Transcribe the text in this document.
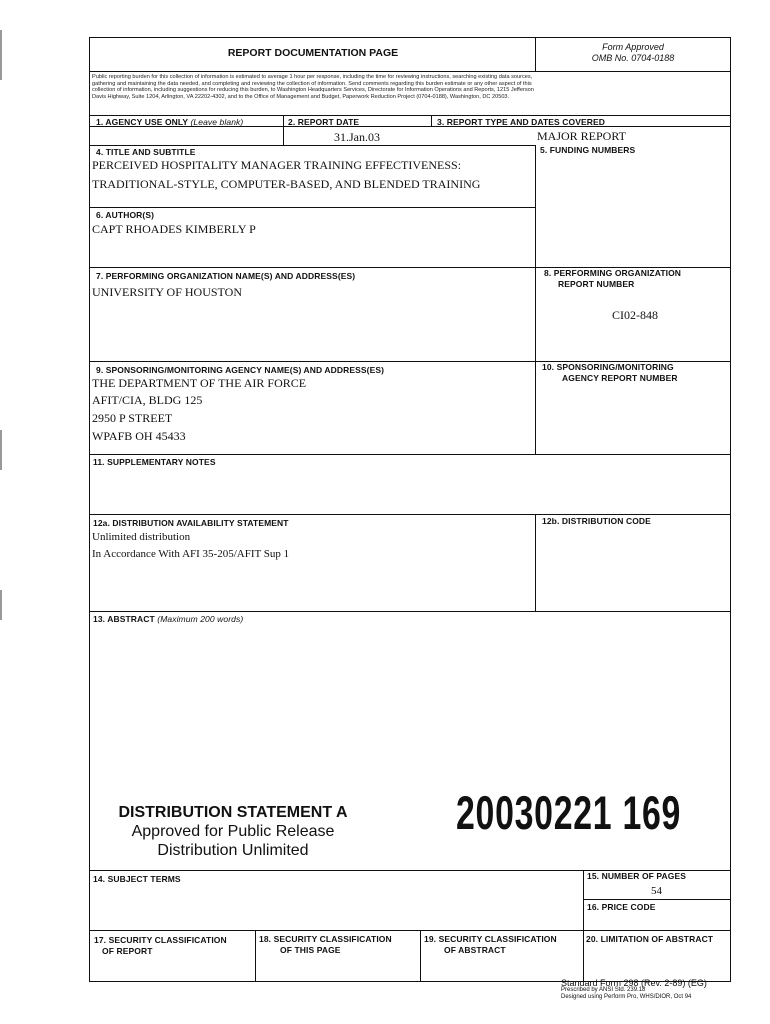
REPORT DOCUMENTATION PAGE	Form Approved
OMB No. 0704-0188
Public reporting burden for this collection of information is estimated to average 1 hour per response, including the time for reviewing instructions, searching existing data sources,
gathering and maintaining the data needed, and completing and reviewing the collection of information. Send comments regarding this burden estimate or any other aspect of this
collection of information, including suggestions for reducing this burden, to Washington Headquarters Services, Directorate for Information Operations and Reports, 1215 Jefferson
Davis Highway, Suite 1204, Arlington, VA 22202-4302, and to the Office of Management and Budget, Paperwork Reduction Project (0704-0188), Washington, DC 20503.
1. AGENCY USE ONLY (Leave blank)	2. REPORT DATE
31.Jan.03
3. REPORT TYPE AND DATES COVERED
MAJOR REPORT
4. TITLE AND SUBTITLE
PERCEIVED HOSPITALITY MANAGER TRAINING EFFECTIVENESS:
TRADITIONAL-STYLE, COMPUTER-BASED, AND BLENDED TRAINING
5. FUNDING NUMBERS
6. AUTHOR(S)
CAPT RHOADES KIMBERLY P
7. PERFORMING ORGANIZATION NAME(S) AND ADDRESS(ES)
UNIVERSITY OF HOUSTON
8. PERFORMING ORGANIZATION
REPORT NUMBER
CI02-848
9. SPONSORING/MONITORING AGENCY NAME(S) AND ADDRESS(ES)
THE DEPARTMENT OF THE AIR FORCE
AFIT/CIA, BLDG 125
2950 P STREET
WPAFB OH 45433
10. SPONSORING/MONITORING
AGENCY REPORT NUMBER
11. SUPPLEMENTARY NOTES
12a. DISTRIBUTION AVAILABILITY STATEMENT
Unlimited distribution
In Accordance With AFI 35-205/AFIT Sup 1
12b. DISTRIBUTION CODE
13. ABSTRACT (Maximum 200 words)
DISTRIBUTION STATEMENT A
Approved for Public Release
Distribution Unlimited
20030221 169
14. SUBJECT TERMS	15. NUMBER OF PAGES
54
16. PRICE CODE
17. SECURITY CLASSIFICATION
OF REPORT
18. SECURITY CLASSIFICATION
OF THIS PAGE
19. SECURITY CLASSIFICATION
OF ABSTRACT
20. LIMITATION OF ABSTRACT
Standard Form 298 (Rev. 2-89) (EG)
Prescribed by ANSI Std. 239.18
Designed using Perform Pro, WHS/DIOR, Oct 94
